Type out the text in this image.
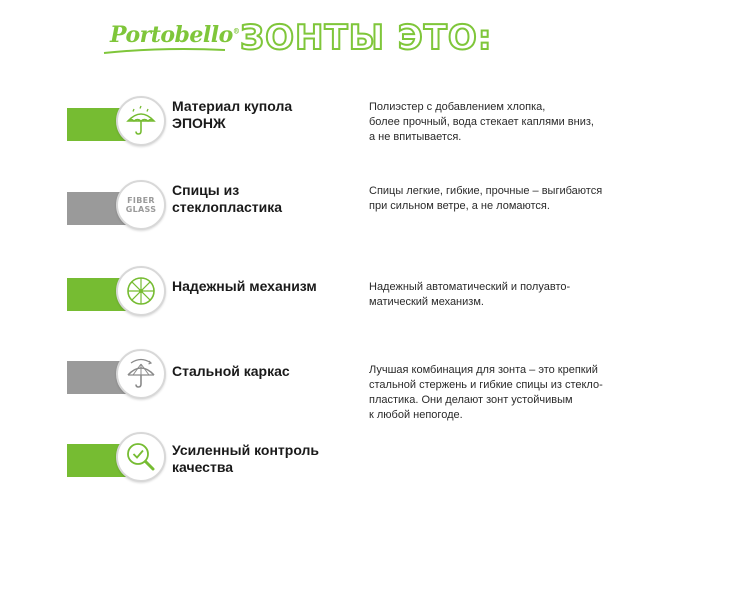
Portobello® ЗОНТЫ ЭТО:
Материал купола
ЭПОНЖ
Полиэстер с добавлением хлопка,
более прочный, вода стекает каплями вниз,
а не впитывается.
FIBER
GLASS
Спицы из
стеклопластика
Спицы легкие, гибкие, прочные – выгибаются
при сильном ветре, а не ломаются.
Надежный механизм	Надежный автоматический и полуавто-
матический механизм.
Стальной каркас	Лучшая комбинация для зонта – это крепкий
стальной стержень и гибкие спицы из стекло-
пластика. Они делают зонт устойчивым
к любой непогоде.
Усиленный контроль
качества
